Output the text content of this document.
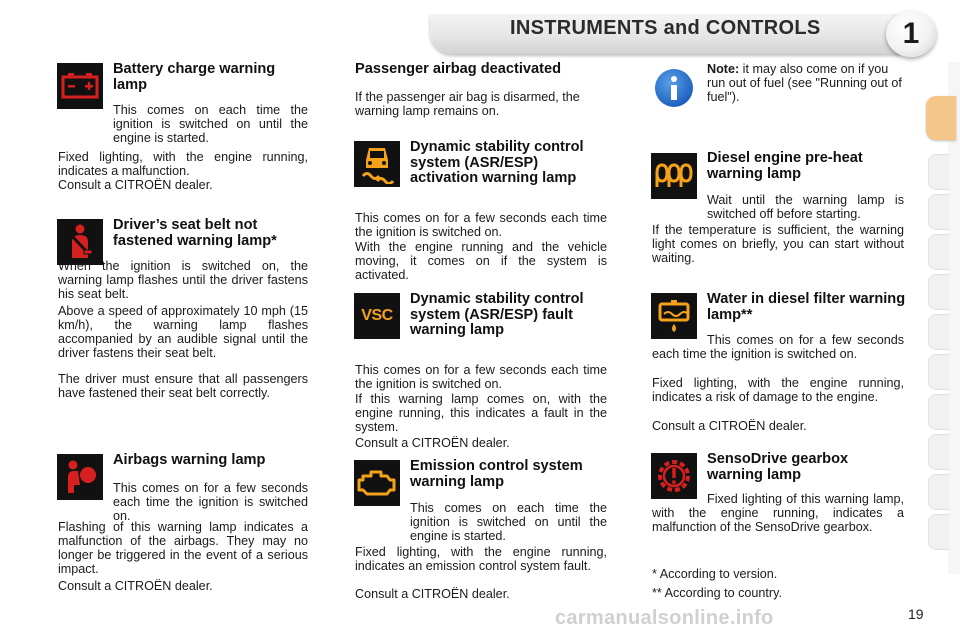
INSTRUMENTS and CONTROLS	1
Battery charge warning lamp
This comes on each time the ignition is switched on until the engine is started.
Fixed lighting, with the engine running, indicates a malfunction.
Consult a CITROËN dealer.
Driver’s seat belt not fastened warning lamp*
When the ignition is switched on, the warning lamp flashes until the driver fastens his seat belt.
Above a speed of approximately 10 mph (15 km/h), the warning lamp flashes accompanied by an audible signal until the driver fastens their seat belt.
The driver must ensure that all passengers have fastened their seat belt correctly.
Airbags warning lamp
This comes on for a few seconds each time the ignition is switched on.
Flashing of this warning lamp indicates a malfunction of the airbags. They may no longer be triggered in the event of a serious impact.
Consult a CITROËN dealer.
Passenger airbag deactivated
If the passenger air bag is disarmed, the warning lamp remains on.
Dynamic stability control system (ASR/ESP) activation warning lamp
This comes on for a few seconds each time the ignition is switched on.
With the engine running and the vehicle moving, it comes on if the system is activated.
VSC
Dynamic stability control system (ASR/ESP) fault warning lamp
This comes on for a few seconds each time the ignition is switched on.
If this warning lamp comes on, with the engine running, this indicates a fault in the system.
Consult a CITROËN dealer.
Emission control system warning lamp
This comes on each time the ignition is switched on until the engine is started.
Fixed lighting, with the engine running, indicates an emission control system fault.
Consult a CITROËN dealer.
Note: it may also come on if you run out of fuel (see "Running out of fuel").
Diesel engine pre-heat warning lamp
Wait until the warning lamp is switched off before starting.
If the temperature is sufficient, the warning light comes on briefly, you can start without waiting.
Water in diesel filter warning lamp**
This comes on for a few seconds each time the ignition is switched on.
Fixed lighting, with the engine running, indicates a risk of damage to the engine.
Consult a CITROËN dealer.
SensoDrive gearbox warning lamp
Fixed lighting of this warning lamp, with the engine running, indicates a malfunction of the SensoDrive gearbox.
* According to version.
** According to country.
carmanualsonline.info	19
